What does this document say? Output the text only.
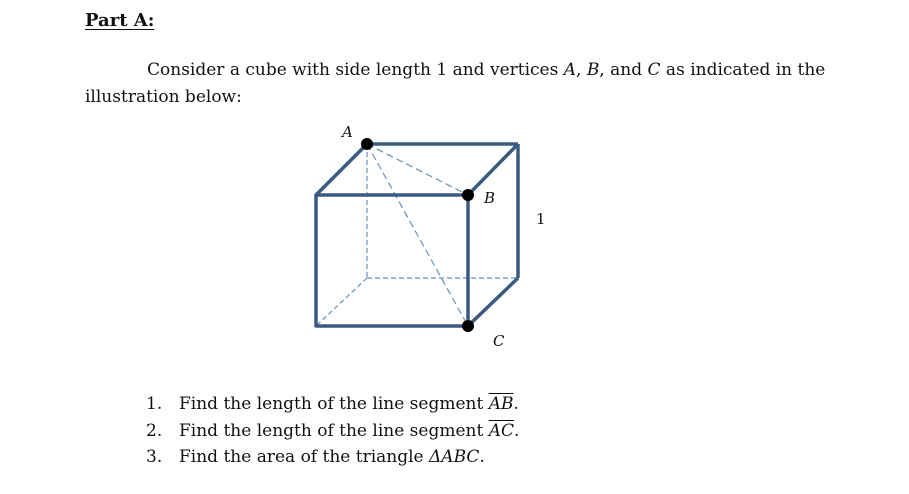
Part A:

Consider a cube with side length 1 and vertices A, B, and C as indicated in the illustration below:

A
B
C
1
1. Find the length of the line segment $\overline{AB}$.
2. Find the length of the line segment $\overline{AC}$.
3. Find the area of the triangle ΔABC.
